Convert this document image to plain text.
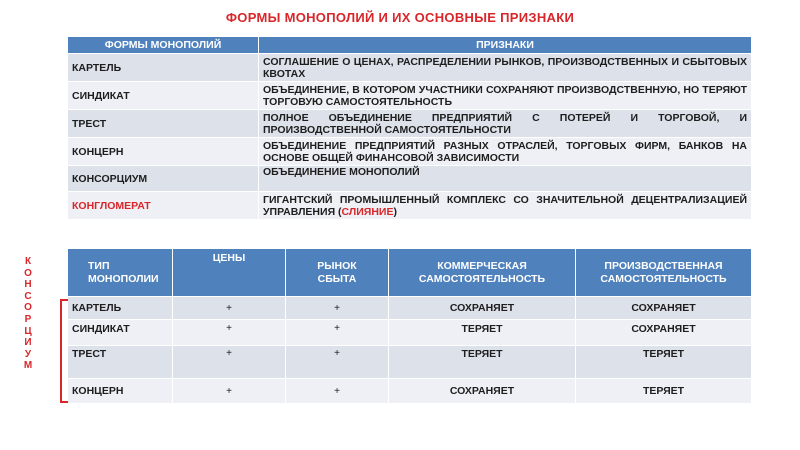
ФОРМЫ МОНОПОЛИЙ И ИХ ОСНОВНЫЕ ПРИЗНАКИ
ФОРМЫ МОНОПОЛИЙ	ПРИЗНАКИ
КАРТЕЛЬ	СОГЛАШЕНИЕ О ЦЕНАХ, РАСПРЕДЕЛЕНИИ РЫНКОВ, ПРОИЗВОДСТВЕННЫХ И СБЫТОВЫХ КВОТАХ
СИНДИКАТ	ОБЪЕДИНЕНИЕ, В КОТОРОМ УЧАСТНИКИ СОХРАНЯЮТ ПРОИЗВОДСТВЕННУЮ, НО ТЕРЯЮТ ТОРГОВУЮ САМОСТОЯТЕЛЬНОСТЬ
ТРЕСТ	ПОЛНОЕ ОБЪЕДИНЕНИЕ ПРЕДПРИЯТИЙ С ПОТЕРЕЙ И ТОРГОВОЙ, И ПРОИЗВОДСТВЕННОЙ САМОСТОЯТЕЛЬНОСТИ
КОНЦЕРН	ОБЪЕДИНЕНИЕ ПРЕДПРИЯТИЙ РАЗНЫХ ОТРАСЛЕЙ, ТОРГОВЫХ ФИРМ, БАНКОВ НА ОСНОВЕ ОБЩЕЙ ФИНАНСОВОЙ ЗАВИСИМОСТИ
КОНСОРЦИУМ	ОБЪЕДИНЕНИЕ МОНОПОЛИЙ
КОНГЛОМЕРАТ	ГИГАНТСКИЙ ПРОМЫШЛЕННЫЙ КОМПЛЕКС СО ЗНАЧИТЕЛЬНОЙ ДЕЦЕНТРАЛИЗАЦИЕЙ УПРАВЛЕНИЯ (СЛИЯНИЕ)
К
О
Н
С
О
Р
Ц
И
У
М
ТИП МОНОПОЛИИ	ЦЕНЫ	РЫНОК СБЫТА	КОММЕРЧЕСКАЯ САМОСТОЯТЕЛЬНОСТЬ	ПРОИЗВОДСТВЕННАЯ САМОСТОЯТЕЛЬНОСТЬ
КАРТЕЛЬ	+	+	СОХРАНЯЕТ	СОХРАНЯЕТ
СИНДИКАТ	+	+	ТЕРЯЕТ	СОХРАНЯЕТ
ТРЕСТ	+	+	ТЕРЯЕТ	ТЕРЯЕТ
КОНЦЕРН	+	+	СОХРАНЯЕТ	ТЕРЯЕТ
